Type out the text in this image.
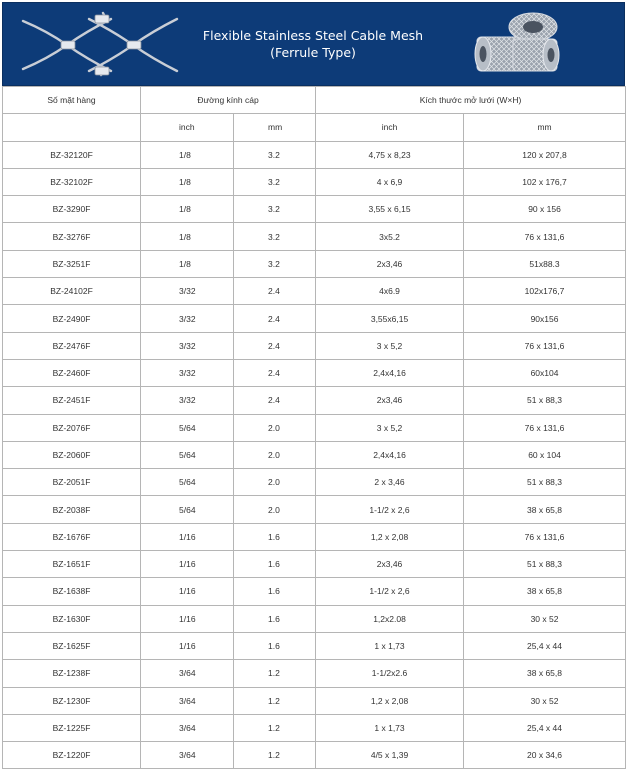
Flexible Stainless Steel Cable Mesh
(Ferrule Type)
Số mặt hàng	Đường kính cáp		Kích thước mở lưới (W×H)	
	inch	mm	inch	mm
BZ-32120F	1/8	3.2	4,75 x 8,23	120 x 207,8
BZ-32102F	1/8	3.2	4 x 6,9	102 x 176,7
BZ-3290F	1/8	3.2	3,55 x 6,15	90 x 156
BZ-3276F	1/8	3.2	3x5.2	76 x 131,6
BZ-3251F	1/8	3.2	2x3,46	51x88.3
BZ-24102F	3/32	2.4	4x6.9	102x176,7
BZ-2490F	3/32	2.4	3,55x6,15	90x156
BZ-2476F	3/32	2.4	3 x 5,2	76 x 131,6
BZ-2460F	3/32	2.4	2,4x4,16	60x104
BZ-2451F	3/32	2.4	2x3,46	51 x 88,3
BZ-2076F	5/64	2.0	3 x 5,2	76 x 131,6
BZ-2060F	5/64	2.0	2,4x4,16	60 x 104
BZ-2051F	5/64	2.0	2 x 3,46	51 x 88,3
BZ-2038F	5/64	2.0	1-1/2 x 2,6	38 x 65,8
BZ-1676F	1/16	1.6	1,2 x 2,08	76 x 131,6
BZ-1651F	1/16	1.6	2x3,46	51 x 88,3
BZ-1638F	1/16	1.6	1-1/2 x 2,6	38 x 65,8
BZ-1630F	1/16	1.6	1,2x2.08	30 x 52
BZ-1625F	1/16	1.6	1 x 1,73	25,4 x 44
BZ-1238F	3/64	1.2	1-1/2x2.6	38 x 65,8
BZ-1230F	3/64	1.2	1,2 x 2,08	30 x 52
BZ-1225F	3/64	1.2	1 x 1,73	25,4 x 44
BZ-1220F	3/64	1.2	4/5 x 1,39	20 x 34,6
